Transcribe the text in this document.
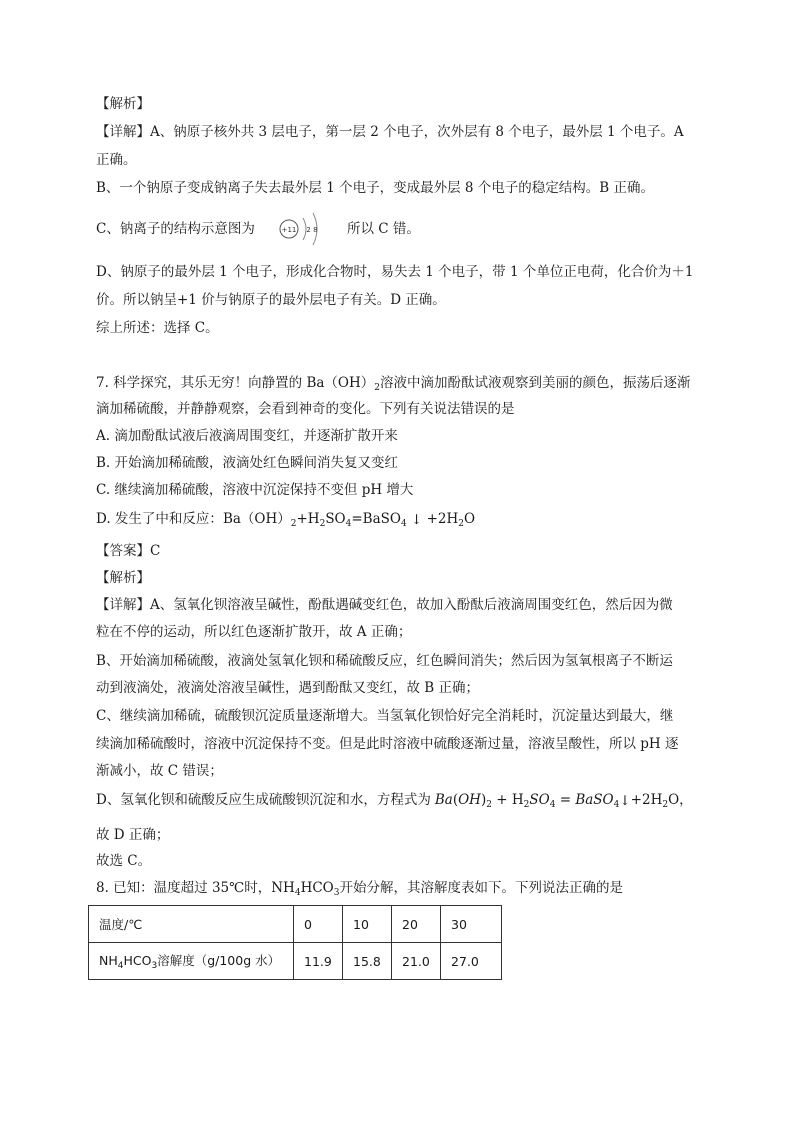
【解析】
【详解】A、钠原子核外共 3 层电子，第一层 2 个电子，次外层有 8 个电子，最外层 1 个电子。A
正确。
B、一个钠原子变成钠离子失去最外层 1 个电子，变成最外层 8 个电子的稳定结构。B 正确。
C、钠离子的结构示意图为	+11 2 8 所以 C 错。
D、钠原子的最外层 1 个电子，形成化合物时，易失去 1 个电子，带 1 个单位正电荷，化合价为＋1
价。所以钠呈+1 价与钠原子的最外层电子有关。D 正确。
综上所述：选择 C。
7. 科学探究，其乐无穷！向静置的 $Ba(OH)_2$溶液中滴加酚酞试液观察到美丽的颜色，振荡后逐渐
滴加稀硫酸，并静静观察，会看到神奇的变化。下列有关说法错误的是
A. 滴加酚酞试液后液滴周围变红，并逐渐扩散开来
B. 开始滴加稀硫酸，液滴处红色瞬间消失复又变红
C. 继续滴加稀硫酸，溶液中沉淀保持不变但 pH 增大
D. 发生了中和反应：$Ba(OH)_2+H_2SO_4=BaSO_4$ ↓ $+2H_2O$
【答案】C
【解析】
【详解】A、氢氧化钡溶液呈碱性，酚酞遇碱变红色，故加入酚酞后液滴周围变红色，然后因为微
粒在不停的运动，所以红色逐渐扩散开，故 A 正确；
B、开始滴加稀硫酸，液滴处氢氧化钡和稀硫酸反应，红色瞬间消失；然后因为氢氧根离子不断运
动到液滴处，液滴处溶液呈碱性，遇到酚酞又变红，故 B 正确；
C、继续滴加稀硫，硫酸钡沉淀质量逐渐增大。当氢氧化钡恰好完全消耗时，沉淀量达到最大，继
续滴加稀硫酸时，溶液中沉淀保持不变。但是此时溶液中硫酸逐渐过量，溶液呈酸性，所以 pH 逐
渐减小，故 C 错误；
D、氢氧化钡和硫酸反应生成硫酸钡沉淀和水，方程式为 $Ba(OH)_2 + H_2SO_4$ = $BaSO_4↓+2H_2O$，
故 D 正确；
故选 C。
8. 已知：温度超过 35℃时，$NH_4HCO_3$开始分解，其溶解度表如下。下列说法正确的是
温度/℃	0	10	20	30
$NH_4HCO_3$溶解度（g/100g 水）	11.9	15.8	21.0	27.0
